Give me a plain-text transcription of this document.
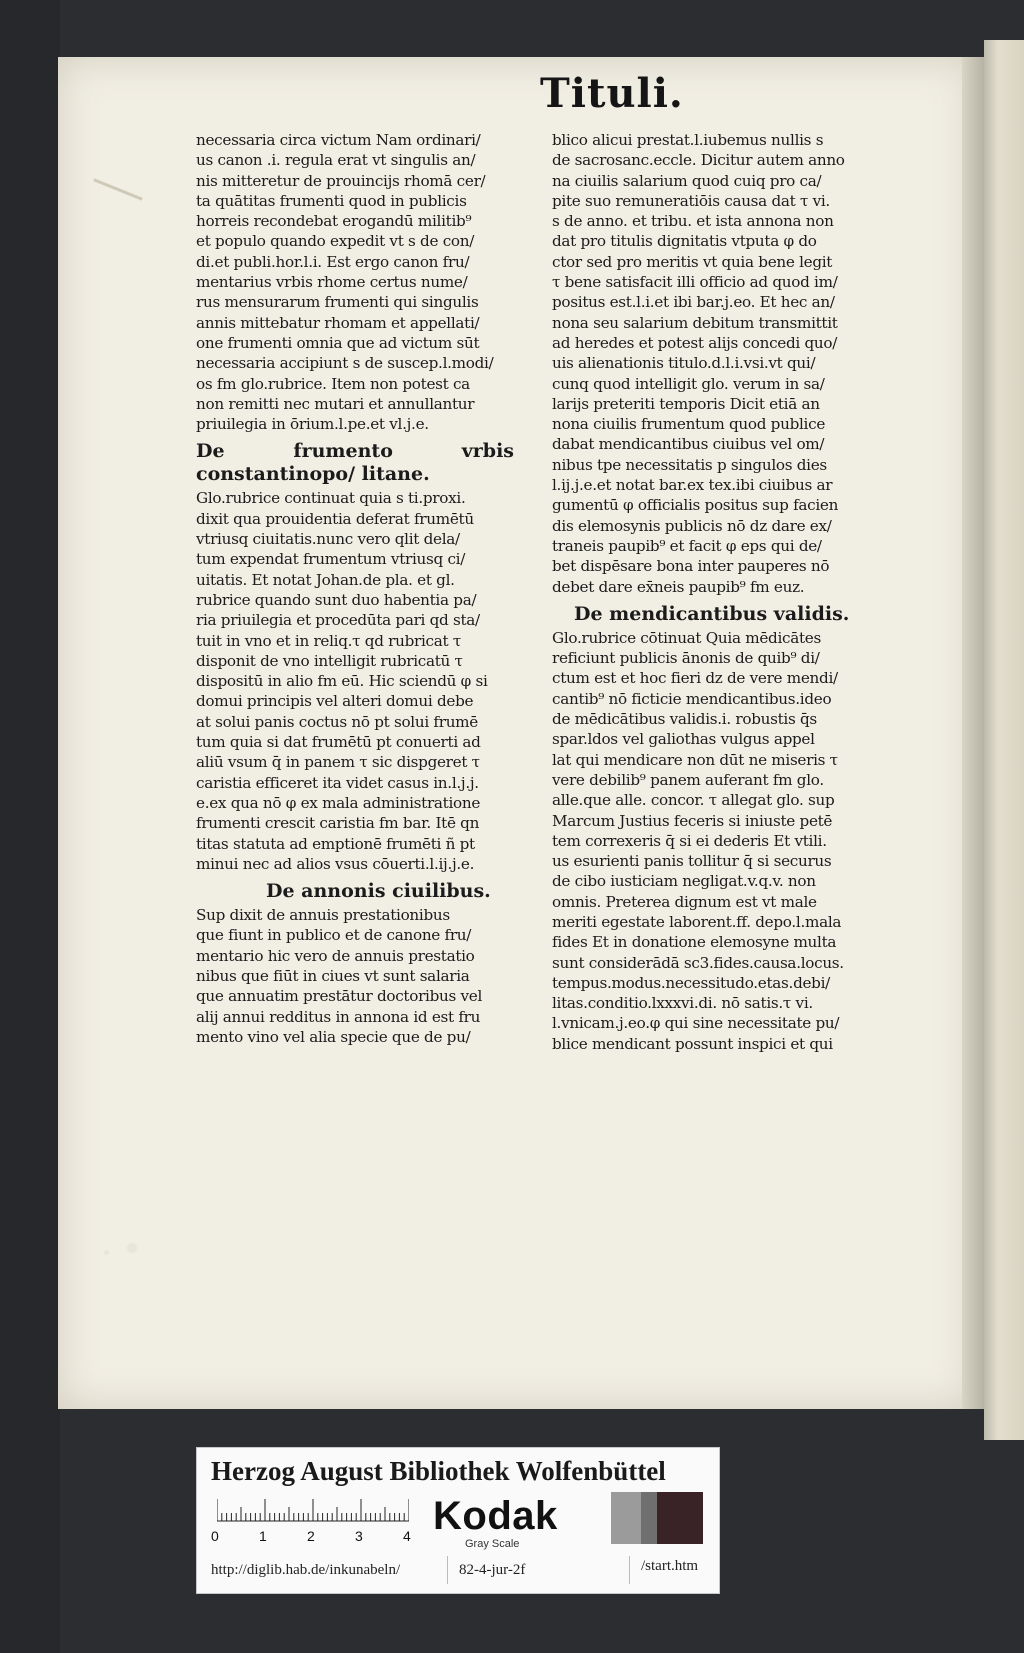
Tituli.
necessaria circa victum Nam ordinari/
us canon .i. regula erat vt singulis an/
nis mitteretur de prouincijs rhomā cer/
ta quātitas frumenti quod in publicis
horreis recondebat erogandū militib⁹
et populo quando expedit vt s de con/
di.et publi.hor.l.i. Est ergo canon fru/
mentarius vrbis rhome certus nume/
rus mensurarum frumenti qui singulis
annis mittebatur rhomam et appellati/
one frumenti omnia que ad victum sūt
necessaria accipiunt s de suscep.l.modi/
os fm glo.rubrice. Item non potest ca
non remitti nec mutari et annullantur
priuilegia in ōrium.l.pe.et vl.j.e.
De frumento vrbis constantinopo/ litane.
Glo.rubrice continuat quia s ti.proxi.
dixit qua prouidentia deferat frumētū
vtriusq ciuitatis.nunc vero qlit dela/
tum expendat frumentum vtriusq ci/
uitatis. Et notat Johan.de pla. et gl.
rubrice quando sunt duo habentia pa/
ria priuilegia et procedūta pari qd sta/
tuit in vno et in reliq.τ qd rubricat τ
disponit de vno intelligit rubricatū τ
dispositū in alio fm eū. Hic sciendū φ si
domui principis vel alteri domui debe
at solui panis coctus nō pt solui frumē
tum quia si dat frumētū pt conuerti ad
aliū vsum q̄ in panem τ sic dispgeret τ
caristia efficeret ita videt casus in.l.j.j.
e.ex qua nō φ ex mala administratione
frumenti crescit caristia fm bar. Itē qn
titas statuta ad emptionē frumēti ñ pt
minui nec ad alios vsus cōuerti.l.ij.j.e.
De annonis ciuilibus.
Sup dixit de annuis prestationibus
que fiunt in publico et de canone fru/
mentario hic vero de annuis prestatio
nibus que fiūt in ciues vt sunt salaria
que annuatim prestātur doctoribus vel
alij annui redditus in annona id est fru
mento vino vel alia specie que de pu/
blico alicui prestat.l.iubemus nullis s
de sacrosanc.eccle. Dicitur autem anno
na ciuilis salarium quod cuiq pro ca/
pite suo remuneratiōis causa dat τ vi.
s de anno. et tribu. et ista annona non
dat pro titulis dignitatis vtputa φ do
ctor sed pro meritis vt quia bene legit
τ bene satisfacit illi officio ad quod im/
positus est.l.i.et ibi bar.j.eo. Et hec an/
nona seu salarium debitum transmittit
ad heredes et potest alijs concedi quo/
uis alienationis titulo.d.l.i.vsi.vt qui/
cunq quod intelligit glo. verum in sa/
larijs preteriti temporis Dicit etiā an
nona ciuilis frumentum quod publice
dabat mendicantibus ciuibus vel om/
nibus tpe necessitatis p singulos dies
l.ij.j.e.et notat bar.ex tex.ibi ciuibus ar
gumentū φ officialis positus sup facien
dis elemosynis publicis nō dz dare ex/
traneis paupib⁹ et facit φ eps qui de/
bet dispēsare bona inter pauperes nō
debet dare ex̄neis paupib⁹ fm euz.
De mendicantibus validis.
Glo.rubrice cōtinuat Quia mēdicātes
reficiunt publicis ānonis de quib⁹ di/
ctum est et hoc fieri dz de vere mendi/
cantib⁹ nō ficticie mendicantibus.ideo
de mēdicātibus validis.i. robustis q̄s
spar.ldos vel galiothas vulgus appel
lat qui mendicare non dūt ne miseris τ
vere debilib⁹ panem auferant fm glo.
alle.que alle. concor. τ allegat glo. sup
Marcum Justius feceris si iniuste petē
tem correxeris q̄ si ei dederis Et vtili.
us esurienti panis tollitur q̄ si securus
de cibo iusticiam negligat.v.q.v. non
omnis. Preterea dignum est vt male
meriti egestate laborent.ff. depo.l.mala
fides Et in donatione elemosyne multa
sunt considerādā sc3.fides.causa.locus.
tempus.modus.necessitudo.etas.debi/
litas.conditio.lxxxvi.di. nō satis.τ vi.
l.vnicam.j.eo.φ qui sine necessitate pu/
blice mendicant possunt inspici et qui
Herzog August Bibliothek Wolfenbüttel
0	1	2	3	4 Kodak
Gray Scale
http://diglib.hab.de/inkunabeln/	82-4-jur-2f	/start.htm
